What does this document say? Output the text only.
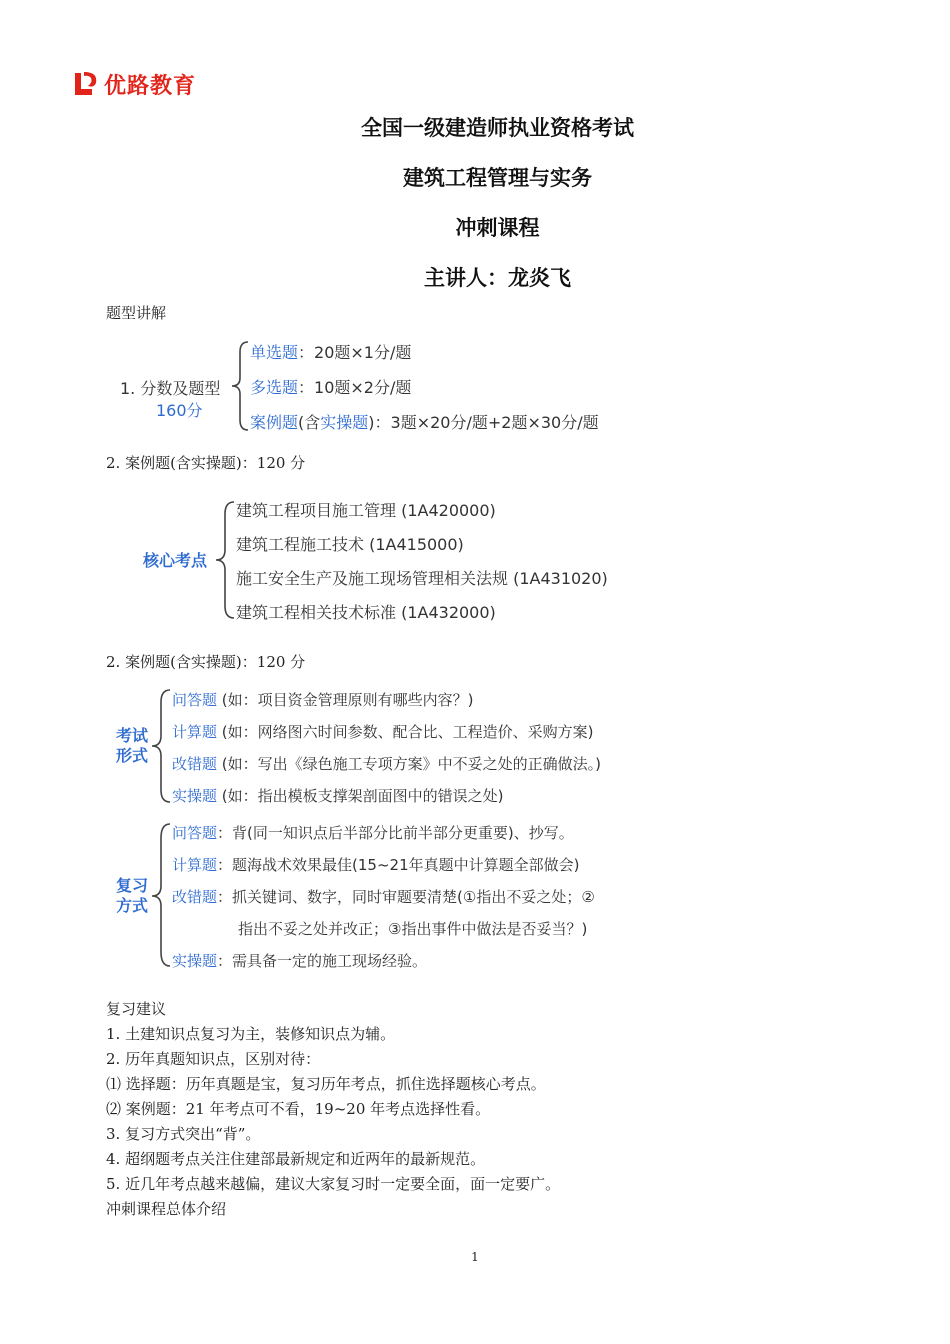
优路教育
全国一级建造师执业资格考试
建筑工程管理与实务
冲刺课程
主讲人：龙炎飞
题型讲解
1. 分数及题型
160分
单选题：20题×1分/题
多选题：10题×2分/题
案例题(含实操题)：3题×20分/题+2题×30分/题
2. 案例题(含实操题)：120 分
核心考点
建筑工程项目施工管理 (1A420000)
建筑工程施工技术 (1A415000)
施工安全生产及施工现场管理相关法规 (1A431020)
建筑工程相关技术标准 (1A432000)
2. 案例题(含实操题)：120 分
考试
形式
问答题 (如：项目资金管理原则有哪些内容？)
计算题 (如：网络图六时间参数、配合比、工程造价、采购方案)
改错题 (如：写出《绿色施工专项方案》中不妥之处的正确做法。)
实操题 (如：指出模板支撑架剖面图中的错误之处)
复习
方式
问答题：背(同一知识点后半部分比前半部分更重要)、抄写。
计算题：题海战术效果最佳(15~21年真题中计算题全部做会)
改错题：抓关键词、数字，同时审题要清楚(①指出不妥之处；②
指出不妥之处并改正；③指出事件中做法是否妥当？)
实操题：需具备一定的施工现场经验。
复习建议
1. 土建知识点复习为主，装修知识点为辅。
2. 历年真题知识点，区别对待：
⑴ 选择题：历年真题是宝，复习历年考点，抓住选择题核心考点。
⑵ 案例题：21 年考点可不看，19~20 年考点选择性看。
3. 复习方式突出“背”。
4. 超纲题考点关注住建部最新规定和近两年的最新规范。
5. 近几年考点越来越偏，建议大家复习时一定要全面，面一定要广。
冲刺课程总体介绍
1
